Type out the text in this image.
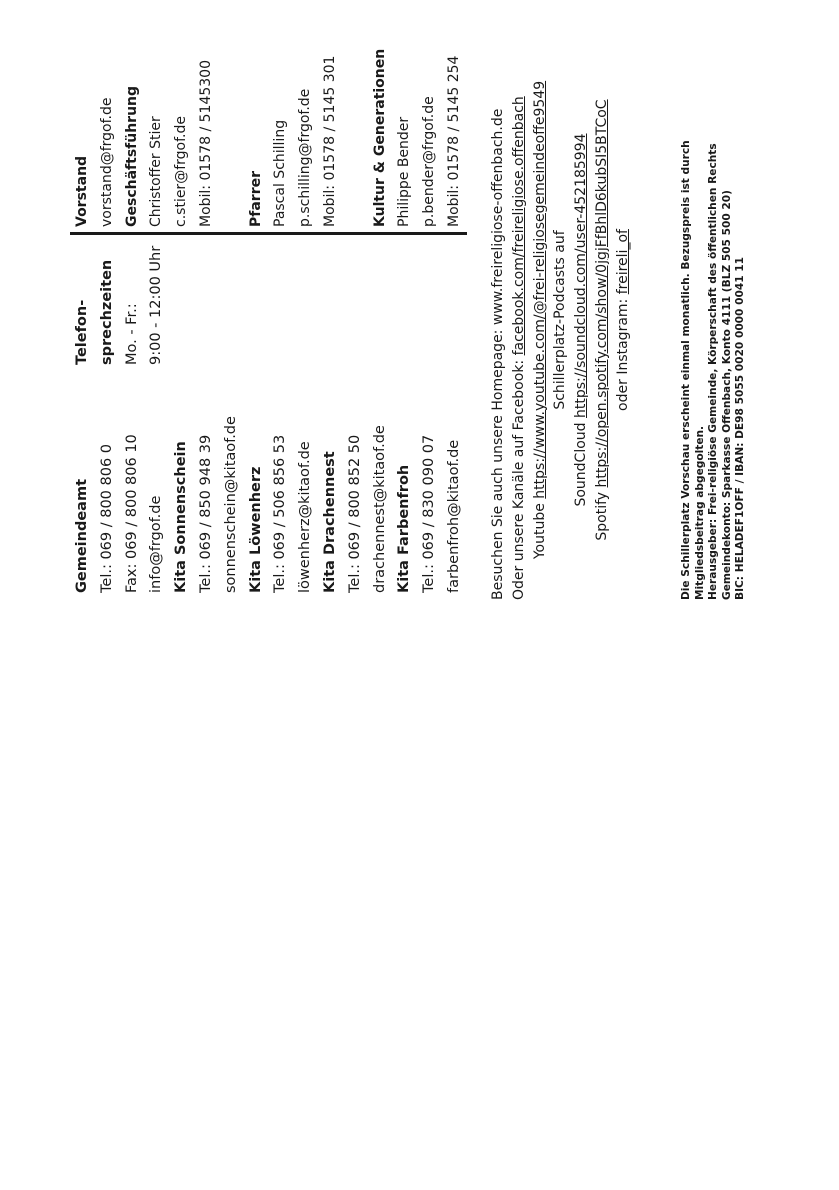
Gemeindeamt Tel.: 069 / 800 806 0 Fax: 069 / 800 806 10 info@frgof.de Kita Sonnenschein Tel.: 069 / 850 948 39 sonnenschein@kitaof.de Kita Löwenherz Tel.: 069 / 506 856 53 löwenherz@kitaof.de Kita Drachennest Tel.: 069 / 800 852 50 drachennest@kitaof.de Kita Farbenfroh Tel.: 069 / 830 090 07 farbenfroh@kitaof.de
Telefon- sprechzeiten Mo. - Fr.: 9:00 - 12:00 Uhr
Vorstand vorstand@frgof.de Geschäftsführung Christoffer Stier c.stier@frgof.de Mobil: 01578 / 5145300	Pfarrer Pascal Schilling p.schilling@frgof.de Mobil: 01578 / 5145 301	Kultur & Generationen Philippe Bender p.bender@frgof.de Mobil: 01578 / 5145 254
Besuchen Sie auch unsere Homepage: www.freireligiose-offenbach.de
Oder unsere Kanäle auf Facebook: facebook.com/freireligiose.offenbach
Youtube https://www.youtube.com/@frei-religiosegemeindeoffe9549 Schillerplatz-Podcasts auf
SoundCloud https://soundcloud.com/user-452185994
Spotify https://open.spotify.com/show/0jgjFfBhlD6kubSI5BTCoC oder Instagram: freireli_of	Die Schillerplatz Vorschau erscheint einmal monatlich. Bezugspreis ist durch Mitgliedsbeitrag abgegolten. Herausgeber: Frei-religiöse Gemeinde, Körperschaft des öffentlichen Rechts Gemeindekonto: Sparkasse Offenbach, Konto 4111 (BLZ 505 500 20) BIC: HELADEF1OFF / IBAN: DE98 5055 0020 0000 0041 11
